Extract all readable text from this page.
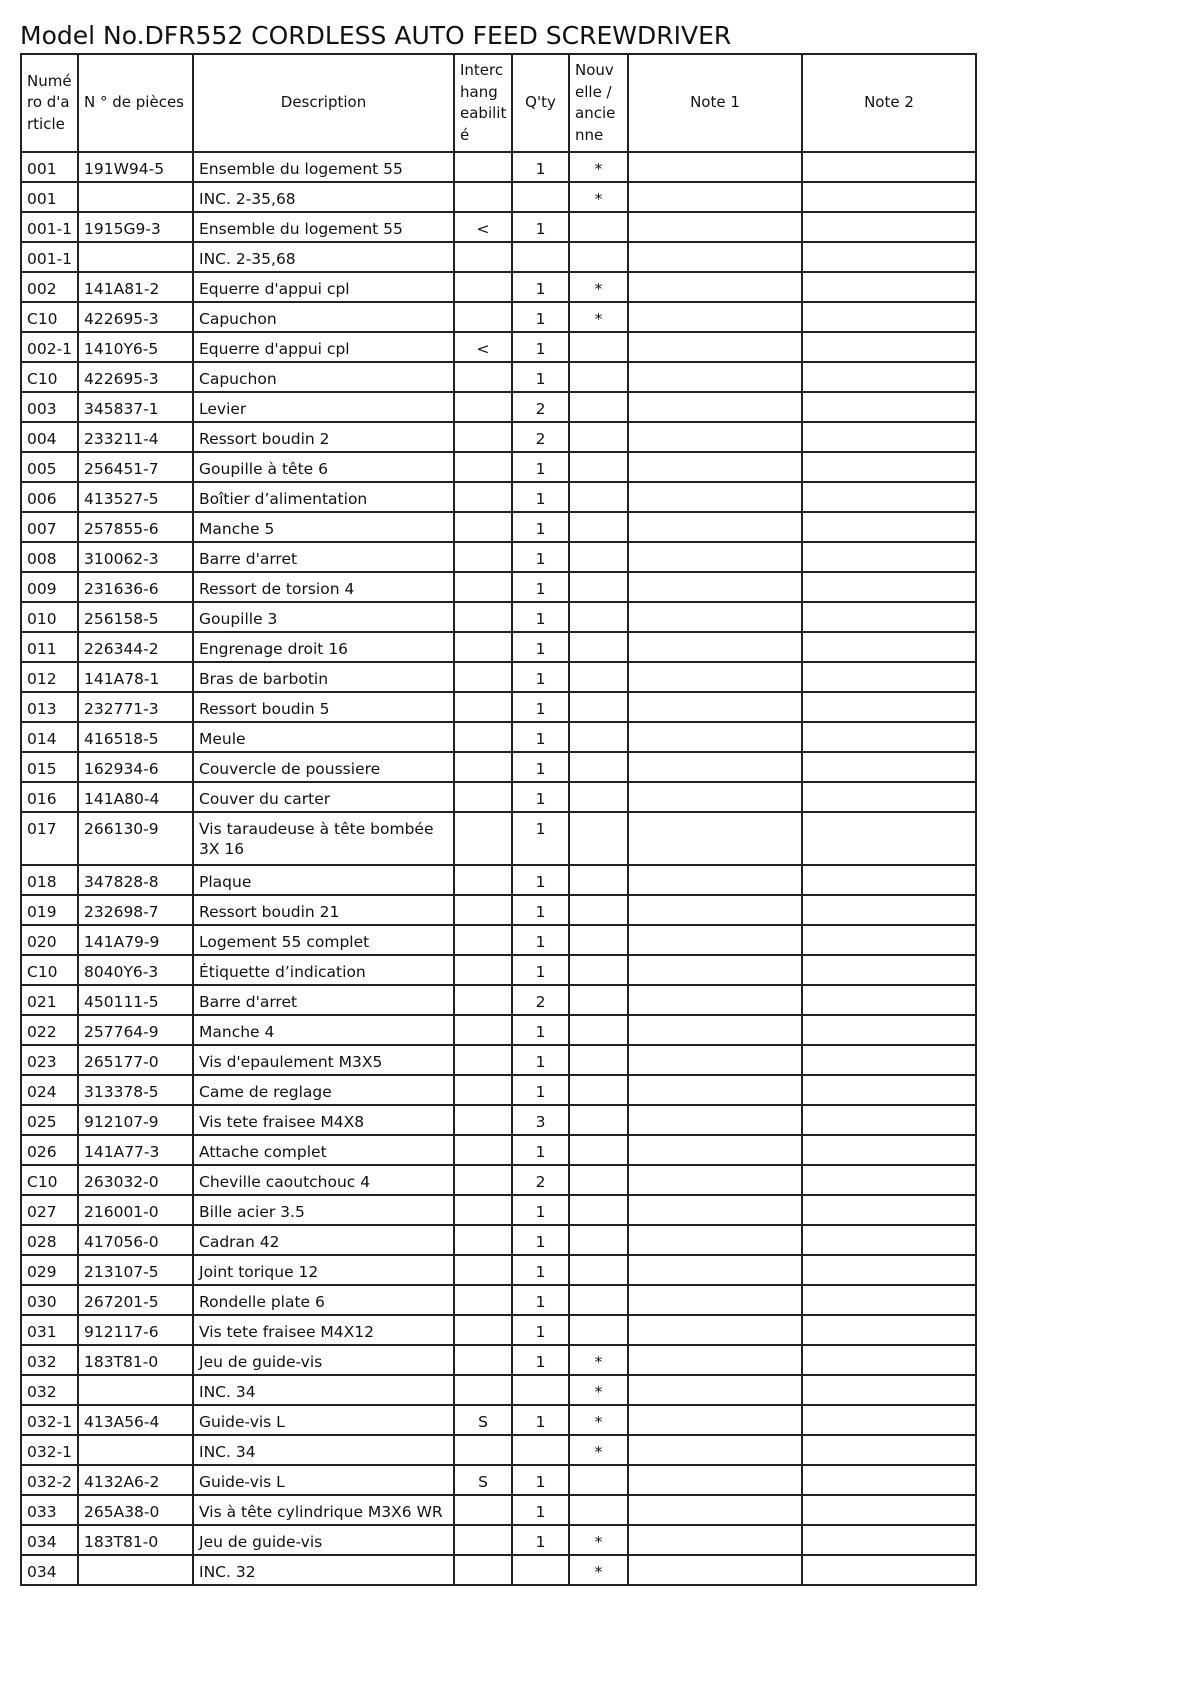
Model No.DFR552 CORDLESS AUTO FEED SCREWDRIVER
Numé ro d'a rticle	N ° de pièces	Description	Interc hang eabilit é	Q'ty	Nouv elle / ancie nne	Note 1	Note 2
001	191W94-5	Ensemble du logement 55		1	*		
001		INC. 2-35,68			*		
001-1	1915G9-3	Ensemble du logement 55	<	1			
001-1		INC. 2-35,68					
002	141A81-2	Equerre d'appui cpl		1	*		
C10	422695-3	Capuchon		1	*		
002-1	1410Y6-5	Equerre d'appui cpl	<	1			
C10	422695-3	Capuchon		1			
003	345837-1	Levier		2			
004	233211-4	Ressort boudin 2		2			
005	256451-7	Goupille à tête 6		1			
006	413527-5	Boîtier d’alimentation		1			
007	257855-6	Manche 5		1			
008	310062-3	Barre d'arret		1			
009	231636-6	Ressort de torsion 4		1			
010	256158-5	Goupille 3		1			
011	226344-2	Engrenage droit 16		1			
012	141A78-1	Bras de barbotin		1			
013	232771-3	Ressort boudin 5		1			
014	416518-5	Meule		1			
015	162934-6	Couvercle de poussiere		1			
016	141A80-4	Couver du carter		1			
017	266130-9	Vis taraudeuse à tête bombée 3X 16		1			
018	347828-8	Plaque		1			
019	232698-7	Ressort boudin 21		1			
020	141A79-9	Logement 55 complet		1			
C10	8040Y6-3	Étiquette d’indication		1			
021	450111-5	Barre d'arret		2			
022	257764-9	Manche 4		1			
023	265177-0	Vis d'epaulement M3X5		1			
024	313378-5	Came de reglage		1			
025	912107-9	Vis tete fraisee M4X8		3			
026	141A77-3	Attache complet		1			
C10	263032-0	Cheville caoutchouc 4		2			
027	216001-0	Bille acier 3.5		1			
028	417056-0	Cadran 42		1			
029	213107-5	Joint torique 12		1			
030	267201-5	Rondelle plate 6		1			
031	912117-6	Vis tete fraisee M4X12		1			
032	183T81-0	Jeu de guide-vis		1	*		
032		INC. 34			*		
032-1	413A56-4	Guide-vis L	S	1	*		
032-1		INC. 34			*		
032-2	4132A6-2	Guide-vis L	S	1			
033	265A38-0	Vis à tête cylindrique M3X6 WR		1			
034	183T81-0	Jeu de guide-vis		1	*		
034		INC. 32			*		
